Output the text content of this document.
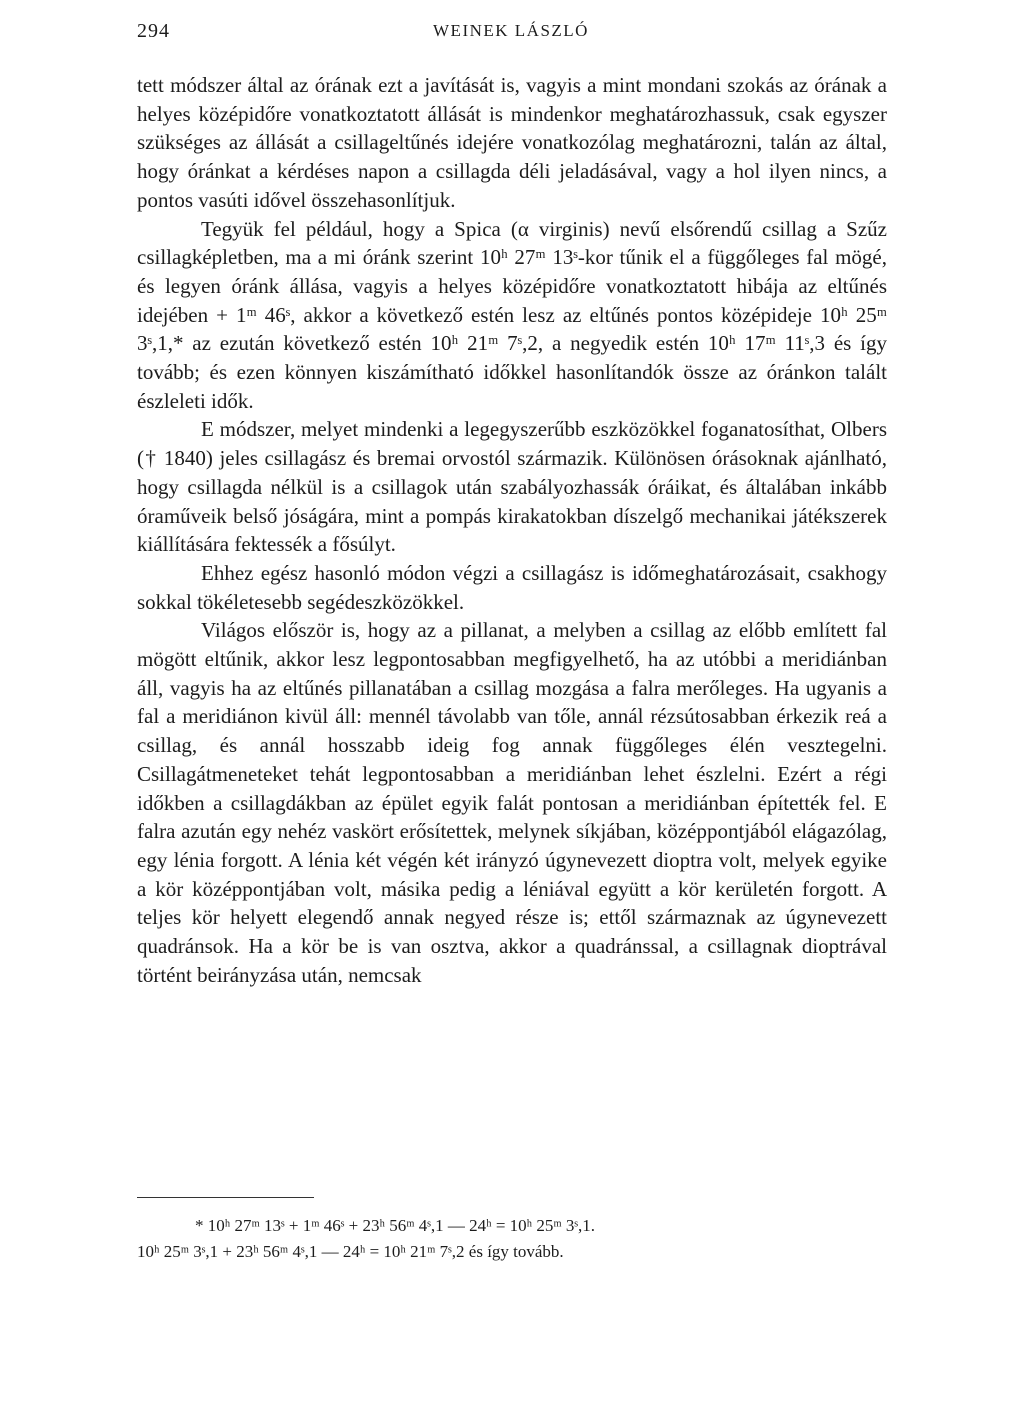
294	WEINEK LÁSZLÓ

tett módszer által az órának ezt a javítását is, vagyis a mint mondani szokás az órának a helyes középidőre vonatkoztatott állását is mindenkor meghatározhassuk, csak egyszer szükséges az állását a csillageltűnés idejére vonatkozólag meghatározni, talán az által, hogy óránkat a kérdéses napon a csillagda déli jeladásával, vagy a hol ilyen nincs, a pontos vasúti idővel összehasonlítjuk.

Tegyük fel például, hogy a Spica (α virginis) nevű elsőrendű csillag a Szűz csillagképletben, ma a mi óránk szerint 10ʰ 27ᵐ 13ˢ-kor tűnik el a függőleges fal mögé, és legyen óránk állása, vagyis a helyes középidőre vonatkoztatott hibája az eltűnés idejében + 1ᵐ 46ˢ, akkor a következő estén lesz az eltűnés pontos középideje 10ʰ 25ᵐ 3ˢ,1,* az ezután következő estén 10ʰ 21ᵐ 7ˢ,2, a negyedik estén 10ʰ 17ᵐ 11ˢ,3 és így tovább; és ezen könnyen kiszámítható időkkel hasonlítandók össze az óránkon talált észleleti idők.

E módszer, melyet mindenki a legegyszerűbb eszközökkel foganatosíthat, Olbers († 1840) jeles csillagász és bremai orvostól származik. Különösen órásoknak ajánlható, hogy csillagda nélkül is a csillagok után szabályozhassák óráikat, és általában inkább óraműveik belső jóságára, mint a pompás kirakatokban díszelgő mechanikai játékszerek kiállítására fektessék a fősúlyt.

Ehhez egész hasonló módon végzi a csillagász is időmeghatározásait, csakhogy sokkal tökéletesebb segédeszközökkel.

Világos először is, hogy az a pillanat, a melyben a csillag az előbb említett fal mögött eltűnik, akkor lesz legpontosabban megfigyelhető, ha az utóbbi a meridiánban áll, vagyis ha az eltűnés pillanatában a csillag mozgása a falra merőleges. Ha ugyanis a fal a meridiánon kivül áll: mennél távolabb van tőle, annál rézsútosabban érkezik reá a csillag, és annál hosszabb ideig fog annak függőleges élén vesztegelni. Csillagátmeneteket tehát legpontosabban a meridiánban lehet észlelni. Ezért a régi időkben a csillagdákban az épület egyik falát pontosan a meridiánban építették fel. E falra azután egy nehéz vaskört erősítettek, melynek síkjában, középpontjából elágazólag, egy lénia forgott. A lénia két végén két irányzó úgynevezett dioptra volt, melyek egyike a kör középpontjában volt, másika pedig a léniával együtt a kör kerületén forgott. A teljes kör helyett elegendő annak negyed része is; ettől származnak az úgynevezett quadránsok. Ha a kör be is van osztva, akkor a quadránssal, a csillagnak dioptrával történt beirányzása után, nemcsak

* 10ʰ 27ᵐ 13ˢ + 1ᵐ 46ˢ + 23ʰ 56ᵐ 4ˢ,1 — 24ʰ = 10ʰ 25ᵐ 3ˢ,1.
10ʰ 25ᵐ 3ˢ,1 + 23ʰ 56ᵐ 4ˢ,1 — 24ʰ = 10ʰ 21ᵐ 7ˢ,2 és így tovább.
